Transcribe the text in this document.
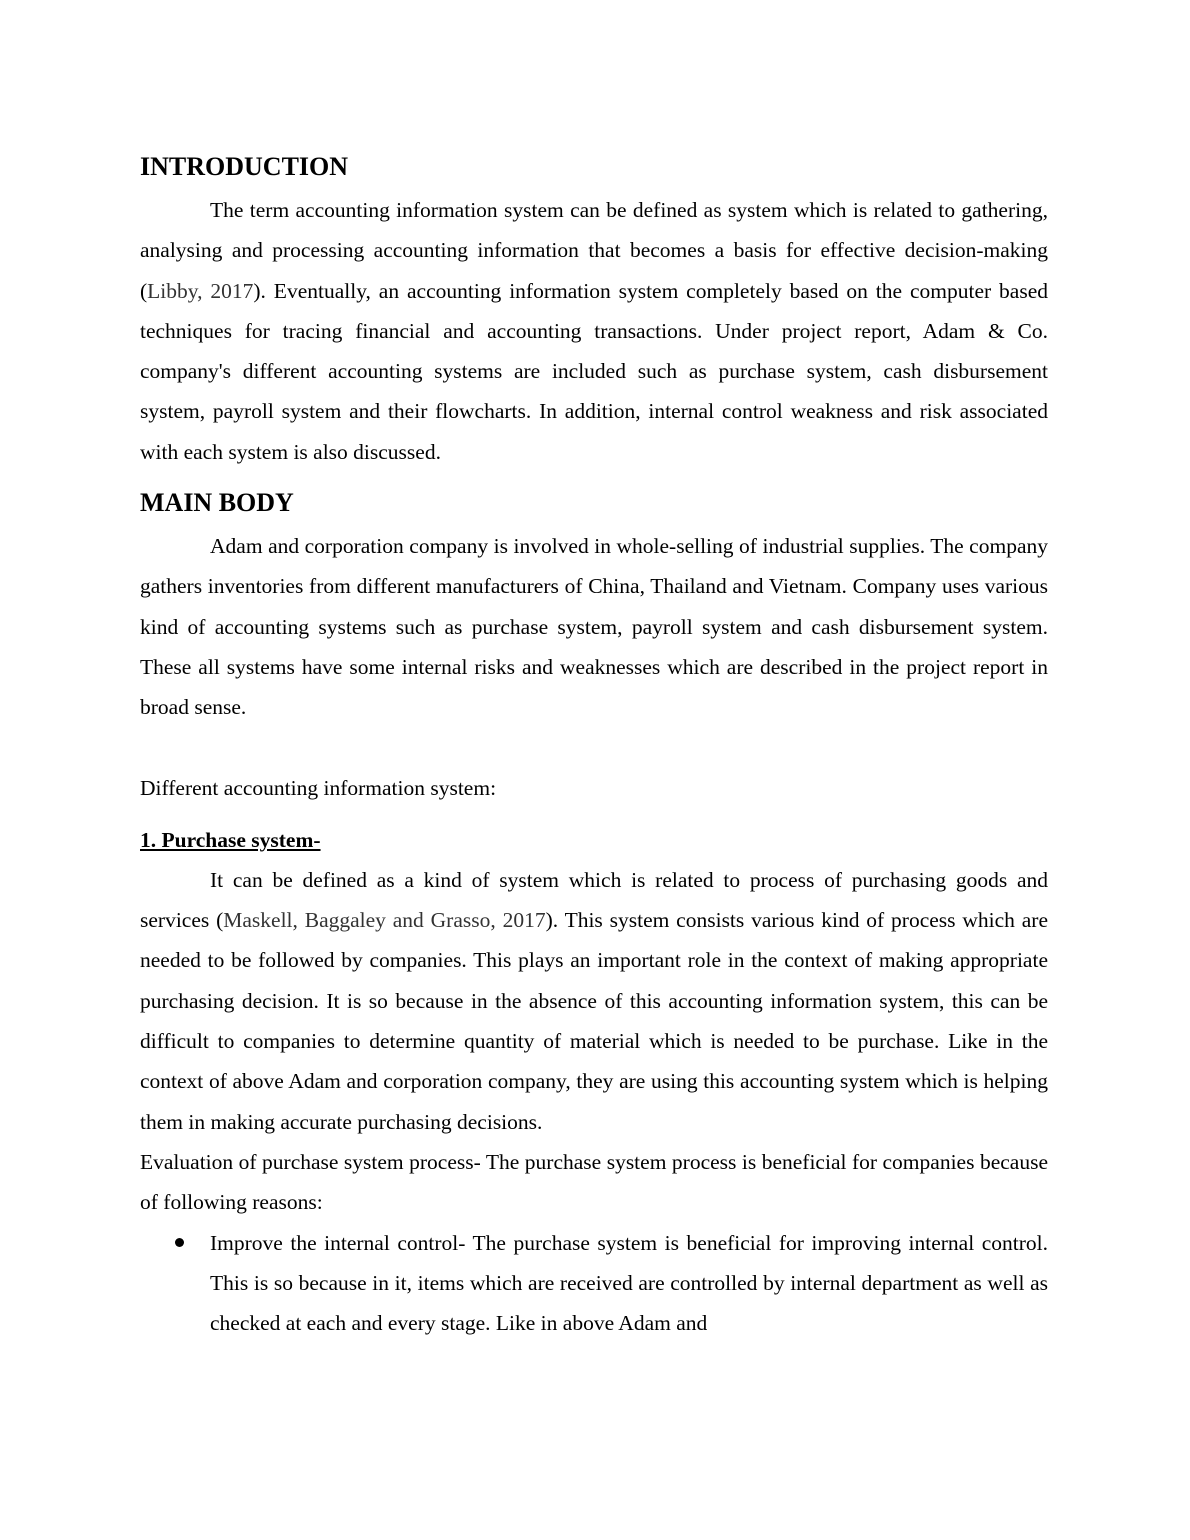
INTRODUCTION

The term accounting information system can be defined as system which is related to gathering, analysing and processing accounting information that becomes a basis for effective decision-making (Libby, 2017). Eventually, an accounting information system completely based on the computer based techniques for tracing financial and accounting transactions. Under project report, Adam & Co. company's different accounting systems are included such as purchase system, cash disbursement system, payroll system and their flowcharts. In addition, internal control weakness and risk associated with each system is also discussed.

MAIN BODY

Adam and corporation company is involved in whole-selling of industrial supplies. The company gathers inventories from different manufacturers of China, Thailand and Vietnam. Company uses various kind of accounting systems such as purchase system, payroll system and cash disbursement system. These all systems have some internal risks and weaknesses which are described in the project report in broad sense.

Different accounting information system:

1. Purchase system-

It can be defined as a kind of system which is related to process of purchasing goods and services (Maskell, Baggaley and Grasso, 2017). This system consists various kind of process which are needed to be followed by companies. This plays an important role in the context of making appropriate purchasing decision. It is so because in the absence of this accounting information system, this can be difficult to companies to determine quantity of material which is needed to be purchase. Like in the context of above Adam and corporation company, they are using this accounting system which is helping them in making accurate purchasing decisions.

Evaluation of purchase system process- The purchase system process is beneficial for companies because of following reasons:

Improve the internal control- The purchase system is beneficial for improving internal control. This is so because in it, items which are received are controlled by internal department as well as checked at each and every stage. Like in above Adam and
